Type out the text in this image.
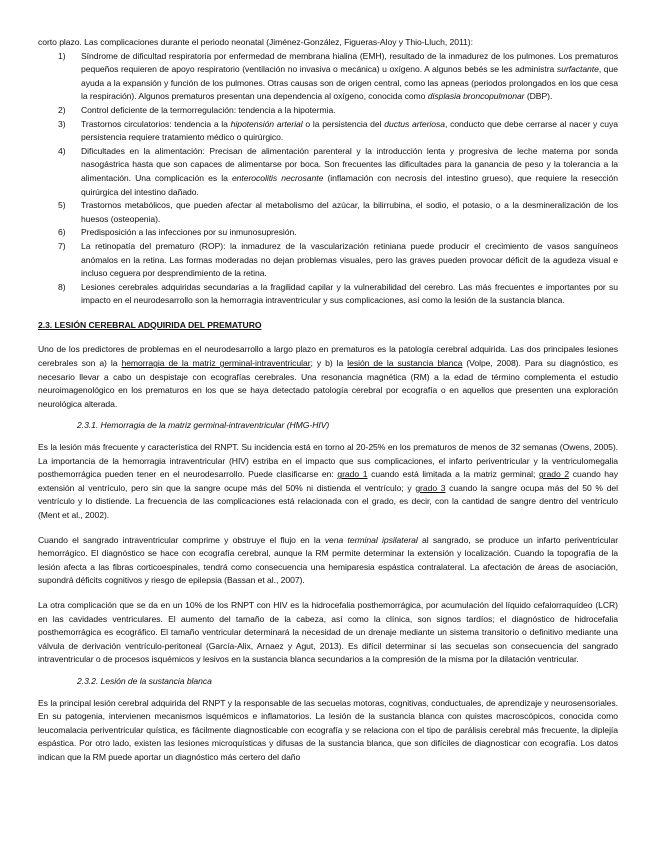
corto plazo. Las complicaciones durante el periodo neonatal (Jiménez-González, Figueras-Aloy y Thio-Lluch, 2011):

1) Síndrome de dificultad respiratoria por enfermedad de membrana hialina (EMH), resultado de la inmadurez de los pulmones. Los prematuros pequeños requieren de apoyo respiratorio (ventilación no invasiva o mecánica) u oxígeno. A algunos bebés se les administra surfactante, que ayuda a la expansión y función de los pulmones. Otras causas son de origen central, como las apneas (periodos prolongados en los que cesa la respiración). Algunos prematuros presentan una dependencia al oxígeno, conocida como displasia broncopulmonar (DBP).
2) Control deficiente de la termorregulación: tendencia a la hipotermia.
3) Trastornos circulatorios: tendencia a la hipotensión arterial o la persistencia del ductus arteriosa, conducto que debe cerrarse al nacer y cuya persistencia requiere tratamiento médico o quirúrgico.
4) Dificultades en la alimentación: Precisan de alimentación parenteral y la introducción lenta y progresiva de leche materna por sonda nasogástrica hasta que son capaces de alimentarse por boca. Son frecuentes las dificultades para la ganancia de peso y la tolerancia a la alimentación. Una complicación es la enterocolitis necrosante (inflamación con necrosis del intestino grueso), que requiere la resección quirúrgica del intestino dañado.
5) Trastornos metabólicos, que pueden afectar al metabolismo del azúcar, la bilirrubina, el sodio, el potasio, o a la desmineralización de los huesos (osteopenia).
6) Predisposición a las infecciones por su inmunosupresión.
7) La retinopatía del prematuro (ROP): la inmadurez de la vascularización retiniana puede producir el crecimiento de vasos sanguíneos anómalos en la retina. Las formas moderadas no dejan problemas visuales, pero las graves pueden provocar déficit de la agudeza visual e incluso ceguera por desprendimiento de la retina.
8) Lesiones cerebrales adquiridas secundarias a la fragilidad capilar y la vulnerabilidad del cerebro. Las más frecuentes e importantes por su impacto en el neurodesarrollo son la hemorragia intraventricular y sus complicaciones, así como la lesión de la sustancia blanca.

2.3. LESIÓN CEREBRAL ADQUIRIDA DEL PREMATURO

Uno de los predictores de problemas en el neurodesarrollo a largo plazo en prematuros es la patología cerebral adquirida. Las dos principales lesiones cerebrales son a) la hemorragia de la matriz germinal-intraventricular; y b) la lesión de la sustancia blanca (Volpe, 2008). Para su diagnóstico, es necesario llevar a cabo un despistaje con ecografías cerebrales. Una resonancia magnética (RM) a la edad de término complementa el estudio neuroimagenológico en los prematuros en los que se haya detectado patología cerebral por ecografía o en aquellos que presenten una exploración neurológica alterada.

2.3.1. Hemorragia de la matriz germinal-intraventricular (HMG-HIV)

Es la lesión más frecuente y característica del RNPT. Su incidencia está en torno al 20-25% en los prematuros de menos de 32 semanas (Owens, 2005). La importancia de la hemorragia intraventricular (HIV) estriba en el impacto que sus complicaciones, el infarto periventricular y la ventriculomegalia posthemorrágica pueden tener en el neurodesarrollo. Puede clasificarse en: grado 1 cuando está limitada a la matriz germinal; grado 2 cuando hay extensión al ventrículo, pero sin que la sangre ocupe más del 50% ni distienda el ventrículo; y grado 3 cuando la sangre ocupa más del 50 % del ventrículo y lo distiende. La frecuencia de las complicaciones está relacionada con el grado, es decir, con la cantidad de sangre dentro del ventrículo (Ment et al., 2002).

Cuando el sangrado intraventricular comprime y obstruye el flujo en la vena terminal ipsilateral al sangrado, se produce un infarto periventricular hemorrágico. El diagnóstico se hace con ecografía cerebral, aunque la RM permite determinar la extensión y localización. Cuando la topografía de la lesión afecta a las fibras corticoespinales, tendrá como consecuencia una hemiparesia espástica contralateral. La afectación de áreas de asociación, supondrá déficits cognitivos y riesgo de epilepsia (Bassan et al., 2007).

La otra complicación que se da en un 10% de los RNPT con HIV es la hidrocefalia posthemorrágica, por acumulación del líquido cefalorraquídeo (LCR) en las cavidades ventriculares. El aumento del tamaño de la cabeza, así como la clínica, son signos tardíos; el diagnóstico de hidrocefalia posthemorrágica es ecográfico. El tamaño ventricular determinará la necesidad de un drenaje mediante un sistema transitorio o definitivo mediante una válvula de derivación ventrículo-peritoneal (García-Alix, Arnaez y Agut, 2013). Es difícil determinar si las secuelas son consecuencia del sangrado intraventricular o de procesos isquémicos y lesivos en la sustancia blanca secundarios a la compresión de la misma por la dilatación ventricular.

2.3.2. Lesión de la sustancia blanca

Es la principal lesión cerebral adquirida del RNPT y la responsable de las secuelas motoras, cognitivas, conductuales, de aprendizaje y neurosensoriales. En su patogenia, intervienen mecanismos isquémicos e inflamatorios. La lesión de la sustancia blanca con quistes macroscópicos, conocida como leucomalacia periventricular quística, es fácilmente diagnosticable con ecografía y se relaciona con el tipo de parálisis cerebral más frecuente, la diplejía espástica. Por otro lado, existen las lesiones microquísticas y difusas de la sustancia blanca, que son difíciles de diagnosticar con ecografía. Los datos indican que la RM puede aportar un diagnóstico más certero del daño
